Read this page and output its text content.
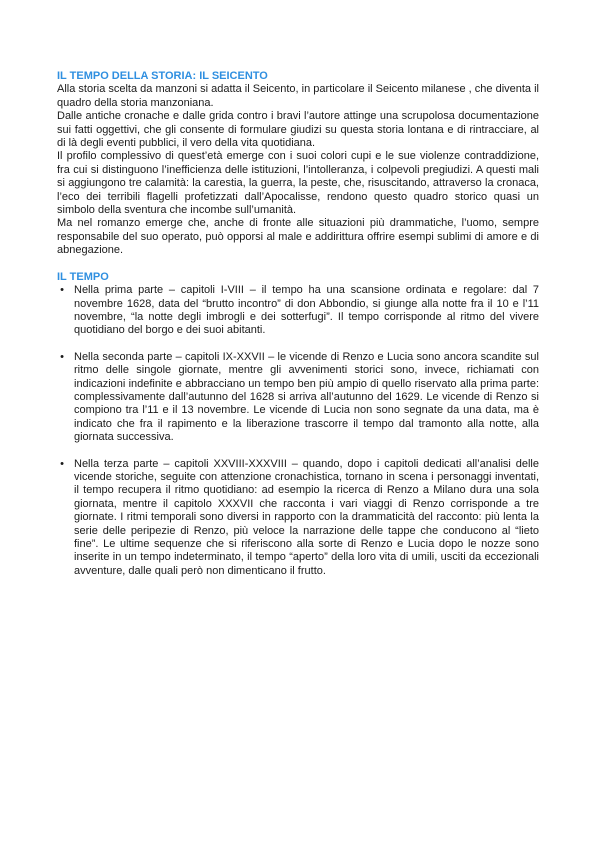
IL TEMPO DELLA STORIA: IL SEICENTO

Alla storia scelta da manzoni si adatta il Seicento, in particolare il Seicento milanese , che diventa il quadro della storia manzoniana.

Dalle antiche cronache e dalle grida contro i bravi l’autore attinge una scrupolosa documentazione sui fatti oggettivi, che gli consente di formulare giudizi su questa storia lontana e di rintracciare, al di là degli eventi pubblici, il vero della vita quotidiana.

Il profilo complessivo di quest’età emerge con i suoi colori cupi e le sue violenze contraddizione, fra cui si distinguono l’inefficienza delle istituzioni, l’intolleranza, i colpevoli pregiudizi. A questi mali si aggiungono tre calamità: la carestia, la guerra, la peste, che, risuscitando, attraverso la cronaca, l’eco dei terribili flagelli profetizzati dall’Apocalisse, rendono questo quadro storico quasi un simbolo della sventura che incombe sull’umanità.

Ma nel romanzo emerge che, anche di fronte alle situazioni più drammatiche, l’uomo, sempre responsabile del suo operato, può opporsi al male e addirittura offrire esempi sublimi di amore e di abnegazione.

IL TEMPO
• Nella prima parte – capitoli I-VIII – il tempo ha una scansione ordinata e regolare: dal 7 novembre 1628, data del “brutto incontro” di don Abbondio, si giunge alla notte fra il 10 e l’11 novembre, “la notte degli imbrogli e dei sotterfugi”. Il tempo corrisponde al ritmo del vivere quotidiano del borgo e dei suoi abitanti.
• Nella seconda parte – capitoli IX-XXVII – le vicende di Renzo e Lucia sono ancora scandite sul ritmo delle singole giornate, mentre gli avvenimenti storici sono, invece, richiamati con indicazioni indefinite e abbracciano un tempo ben più ampio di quello riservato alla prima parte: complessivamente dall’autunno del 1628 si arriva all’autunno del 1629. Le vicende di Renzo si compiono tra l’11 e il 13 novembre. Le vicende di Lucia non sono segnate da una data, ma è indicato che fra il rapimento e la liberazione trascorre il tempo dal tramonto alla notte, alla giornata successiva.
• Nella terza parte – capitoli XXVIII-XXXVIII – quando, dopo i capitoli dedicati all’analisi delle vicende storiche, seguite con attenzione cronachistica, tornano in scena i personaggi inventati, il tempo recupera il ritmo quotidiano: ad esempio la ricerca di Renzo a Milano dura una sola giornata, mentre il capitolo XXXVII che racconta i vari viaggi di Renzo corrisponde a tre giornate. I ritmi temporali sono diversi in rapporto con la drammaticità del racconto: più lenta la serie delle peripezie di Renzo, più veloce la narrazione delle tappe che conducono al “lieto fine”. Le ultime sequenze che si riferiscono alla sorte di Renzo e Lucia dopo le nozze sono inserite in un tempo indeterminato, il tempo “aperto” della loro vita di umili, usciti da eccezionali avventure, dalle quali però non dimenticano il frutto.
